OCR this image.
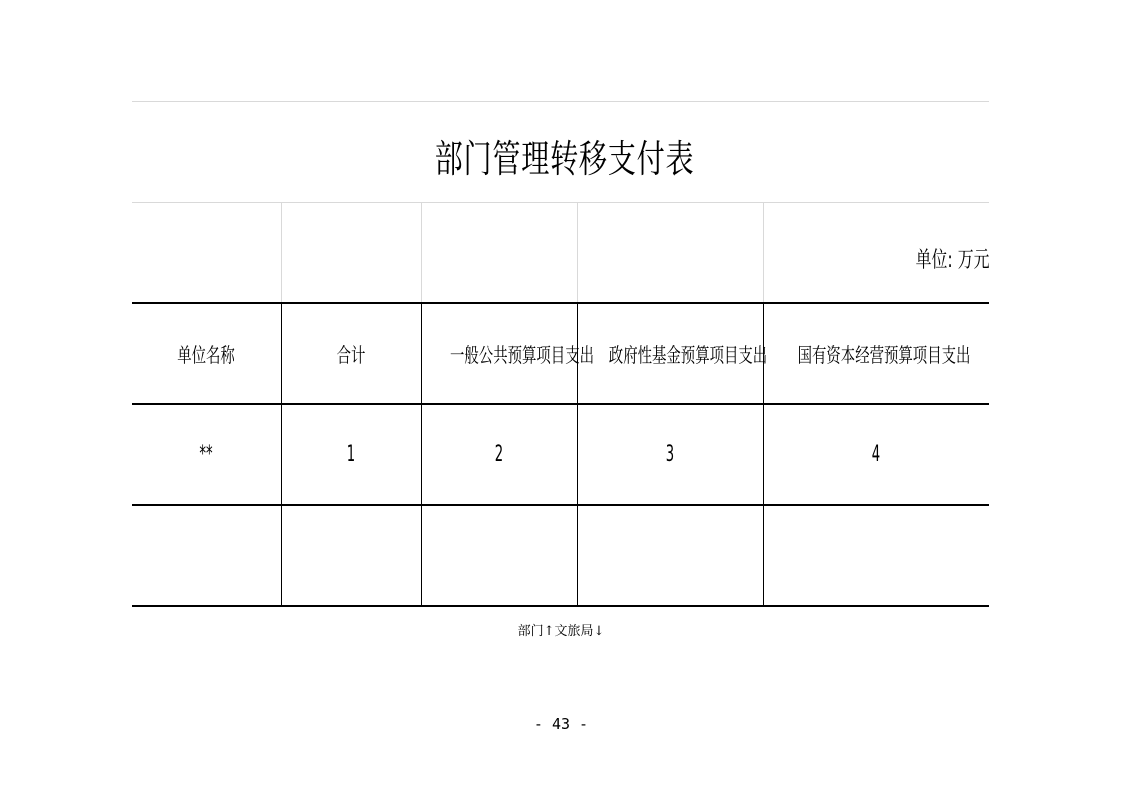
部门管理转移支付表
				单位: 万元
单位名称	合计	一般公共预算项目支出	政府性基金预算项目支出	国有资本经营预算项目支出
**	1	2	3	4

部门↑文旅局↓
- 43 -
